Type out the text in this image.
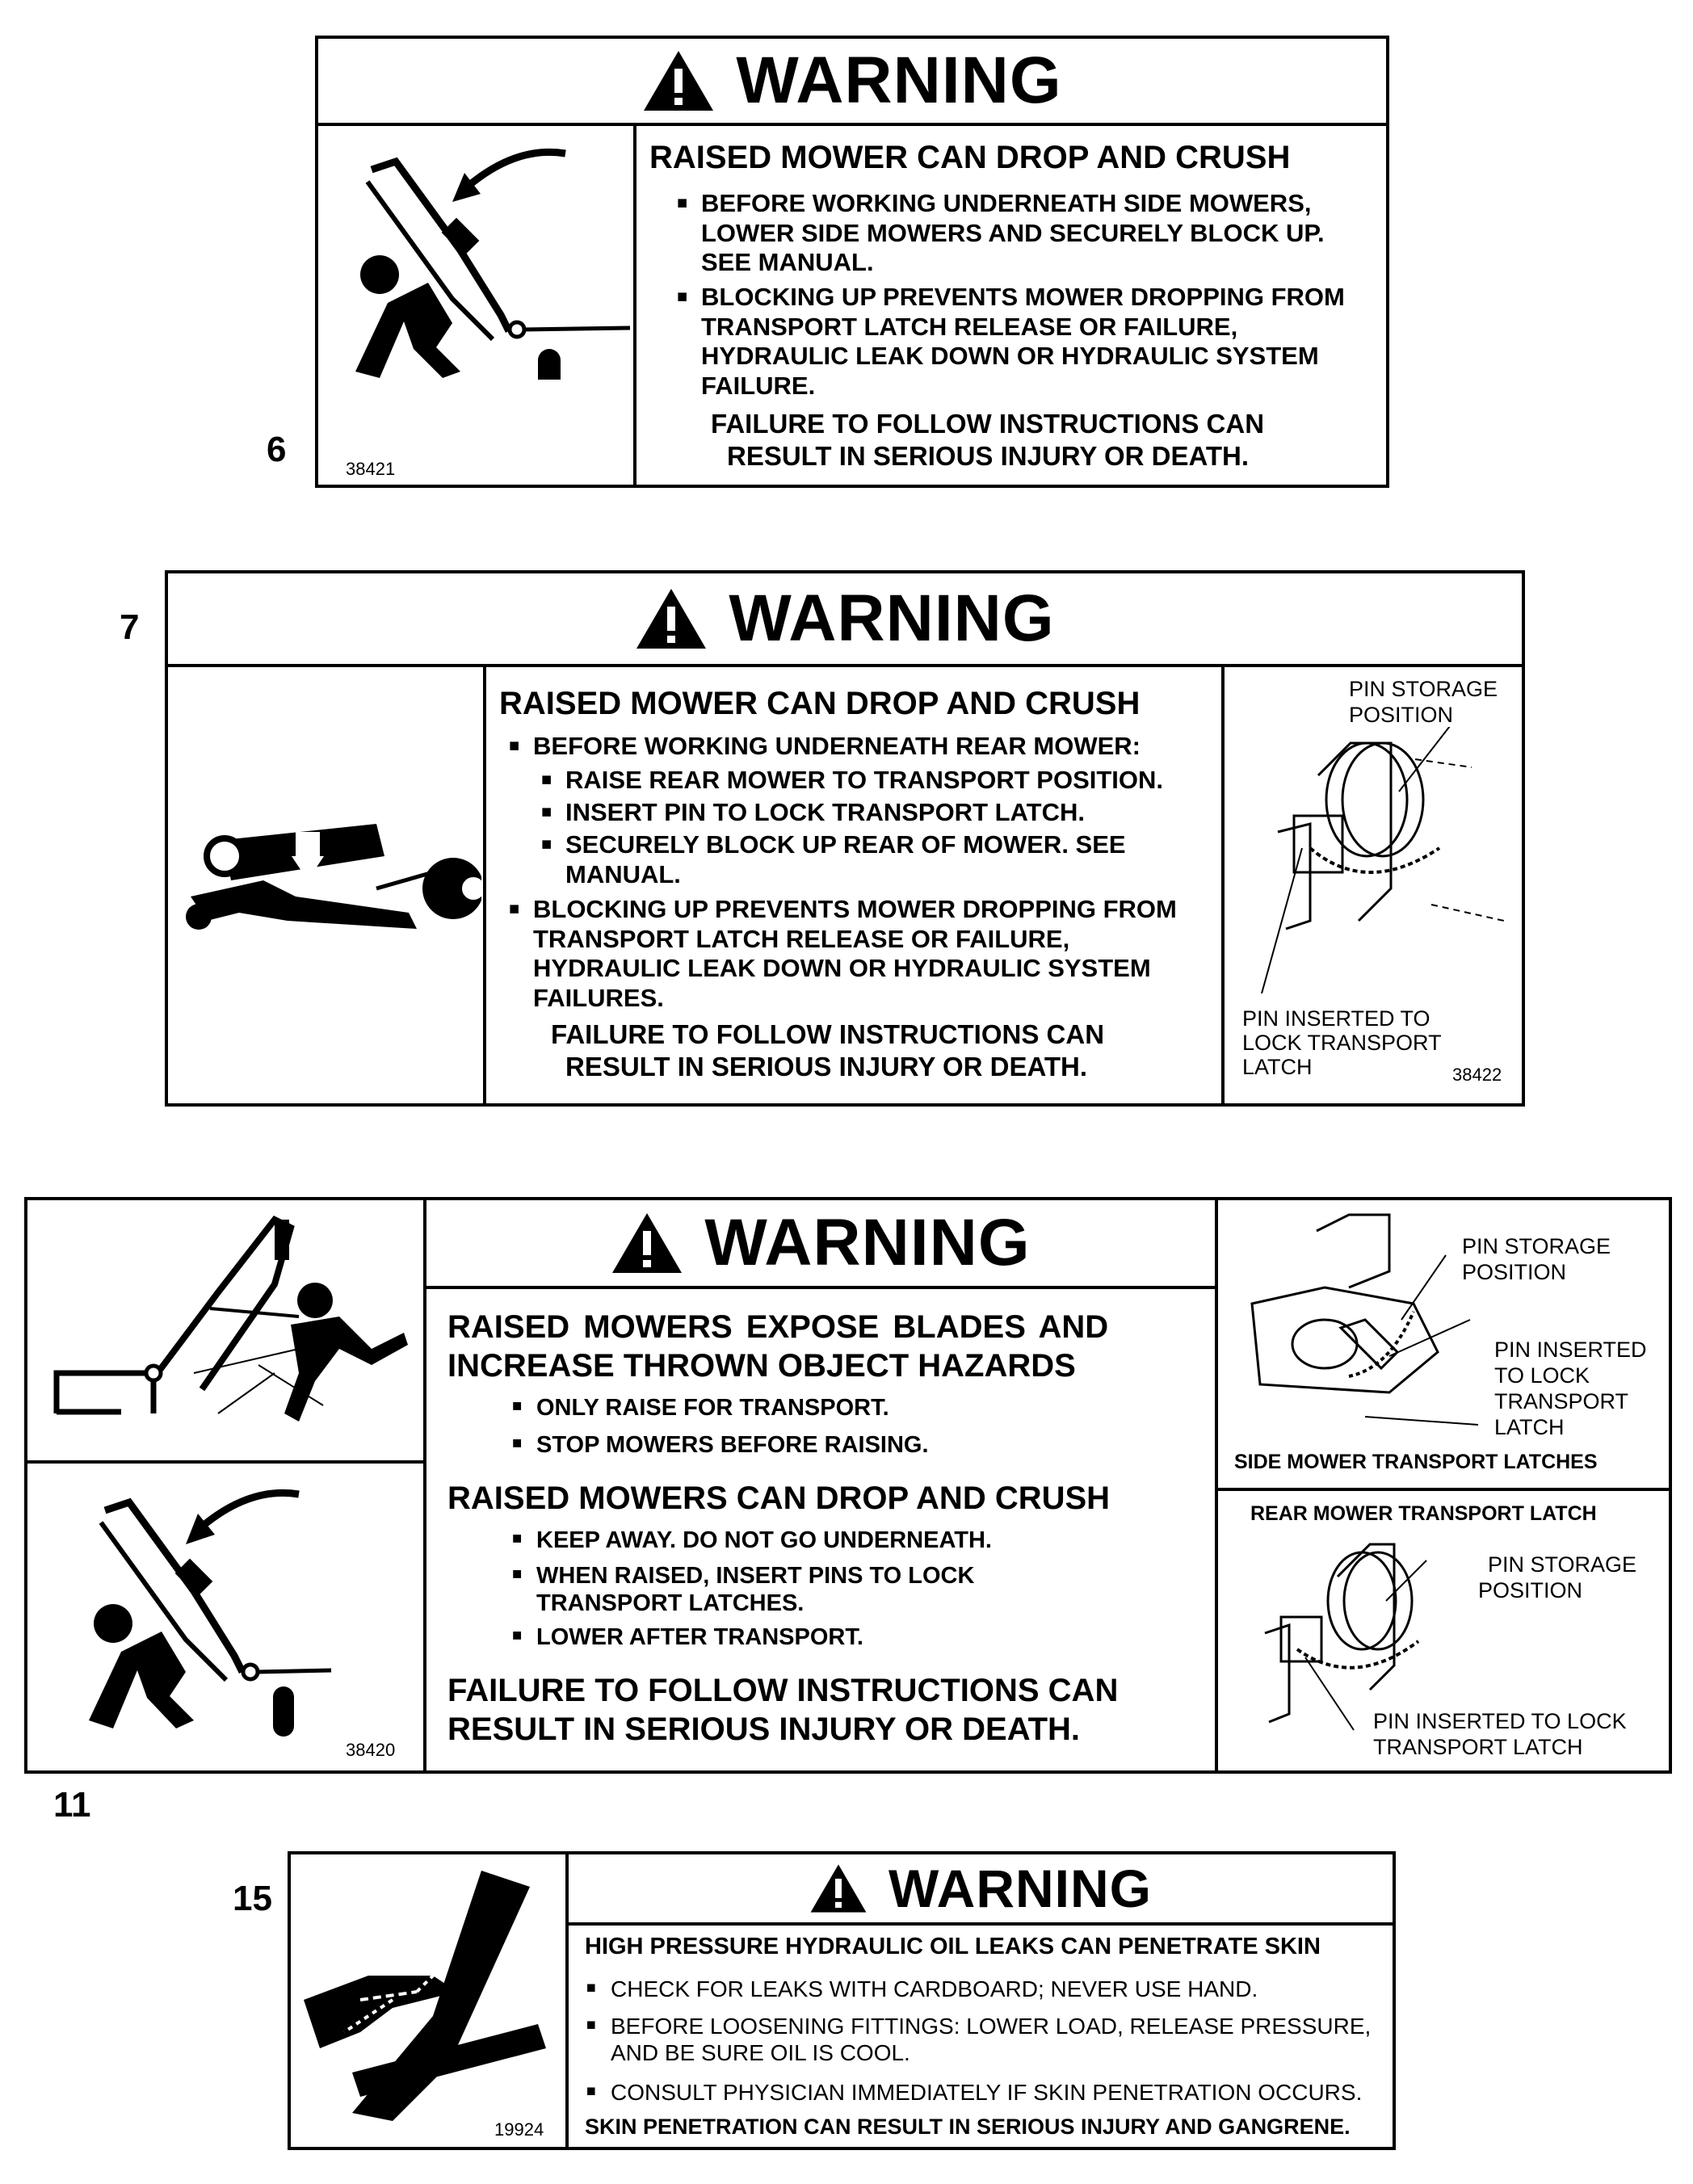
WARNING
RAISED MOWER CAN DROP AND CRUSH
■ BEFORE WORKING UNDERNEATH SIDE MOWERS, LOWER SIDE MOWERS AND SECURELY BLOCK UP. SEE MANUAL.
■ BLOCKING UP PREVENTS MOWER DROPPING FROM TRANSPORT LATCH RELEASE OR FAILURE, HYDRAULIC LEAK DOWN OR HYDRAULIC SYSTEM FAILURE.
FAILURE TO FOLLOW INSTRUCTIONS CAN
RESULT IN SERIOUS INJURY OR DEATH.
38421
6
WARNING
RAISED MOWER CAN DROP AND CRUSH
■ BEFORE WORKING UNDERNEATH REAR MOWER:
■ RAISE REAR MOWER TO TRANSPORT POSITION.
■ INSERT PIN TO LOCK TRANSPORT LATCH.
■ SECURELY BLOCK UP REAR OF MOWER. SEE MANUAL.
■ BLOCKING UP PREVENTS MOWER DROPPING FROM TRANSPORT LATCH RELEASE OR FAILURE, HYDRAULIC LEAK DOWN OR HYDRAULIC SYSTEM FAILURES.
FAILURE TO FOLLOW INSTRUCTIONS CAN
RESULT IN SERIOUS INJURY OR DEATH.
PIN STORAGE
POSITION
PIN INSERTED TO
LOCK TRANSPORT
LATCH	38422
7
WARNING
38420
RAISED MOWERS EXPOSE BLADES AND
INCREASE THROWN OBJECT HAZARDS
■ ONLY RAISE FOR TRANSPORT.
■ STOP MOWERS BEFORE RAISING.
RAISED MOWERS CAN DROP AND CRUSH
■ KEEP AWAY. DO NOT GO UNDERNEATH.
■ WHEN RAISED, INSERT PINS TO LOCK TRANSPORT LATCHES.
■ LOWER AFTER TRANSPORT.
FAILURE TO FOLLOW INSTRUCTIONS CAN
RESULT IN SERIOUS INJURY OR DEATH.
PIN STORAGE
POSITION
PIN INSERTED
TO LOCK
TRANSPORT
LATCH
SIDE MOWER TRANSPORT LATCHES
REAR MOWER TRANSPORT LATCH
PIN STORAGE
POSITION
PIN INSERTED TO LOCK
TRANSPORT LATCH
11
WARNING
19924
HIGH PRESSURE HYDRAULIC OIL LEAKS CAN PENETRATE SKIN
■ CHECK FOR LEAKS WITH CARDBOARD; NEVER USE HAND.
■ BEFORE LOOSENING FITTINGS: LOWER LOAD, RELEASE PRESSURE,
AND BE SURE OIL IS COOL.
■ CONSULT PHYSICIAN IMMEDIATELY IF SKIN PENETRATION OCCURS.
SKIN PENETRATION CAN RESULT IN SERIOUS INJURY AND GANGRENE.
15
